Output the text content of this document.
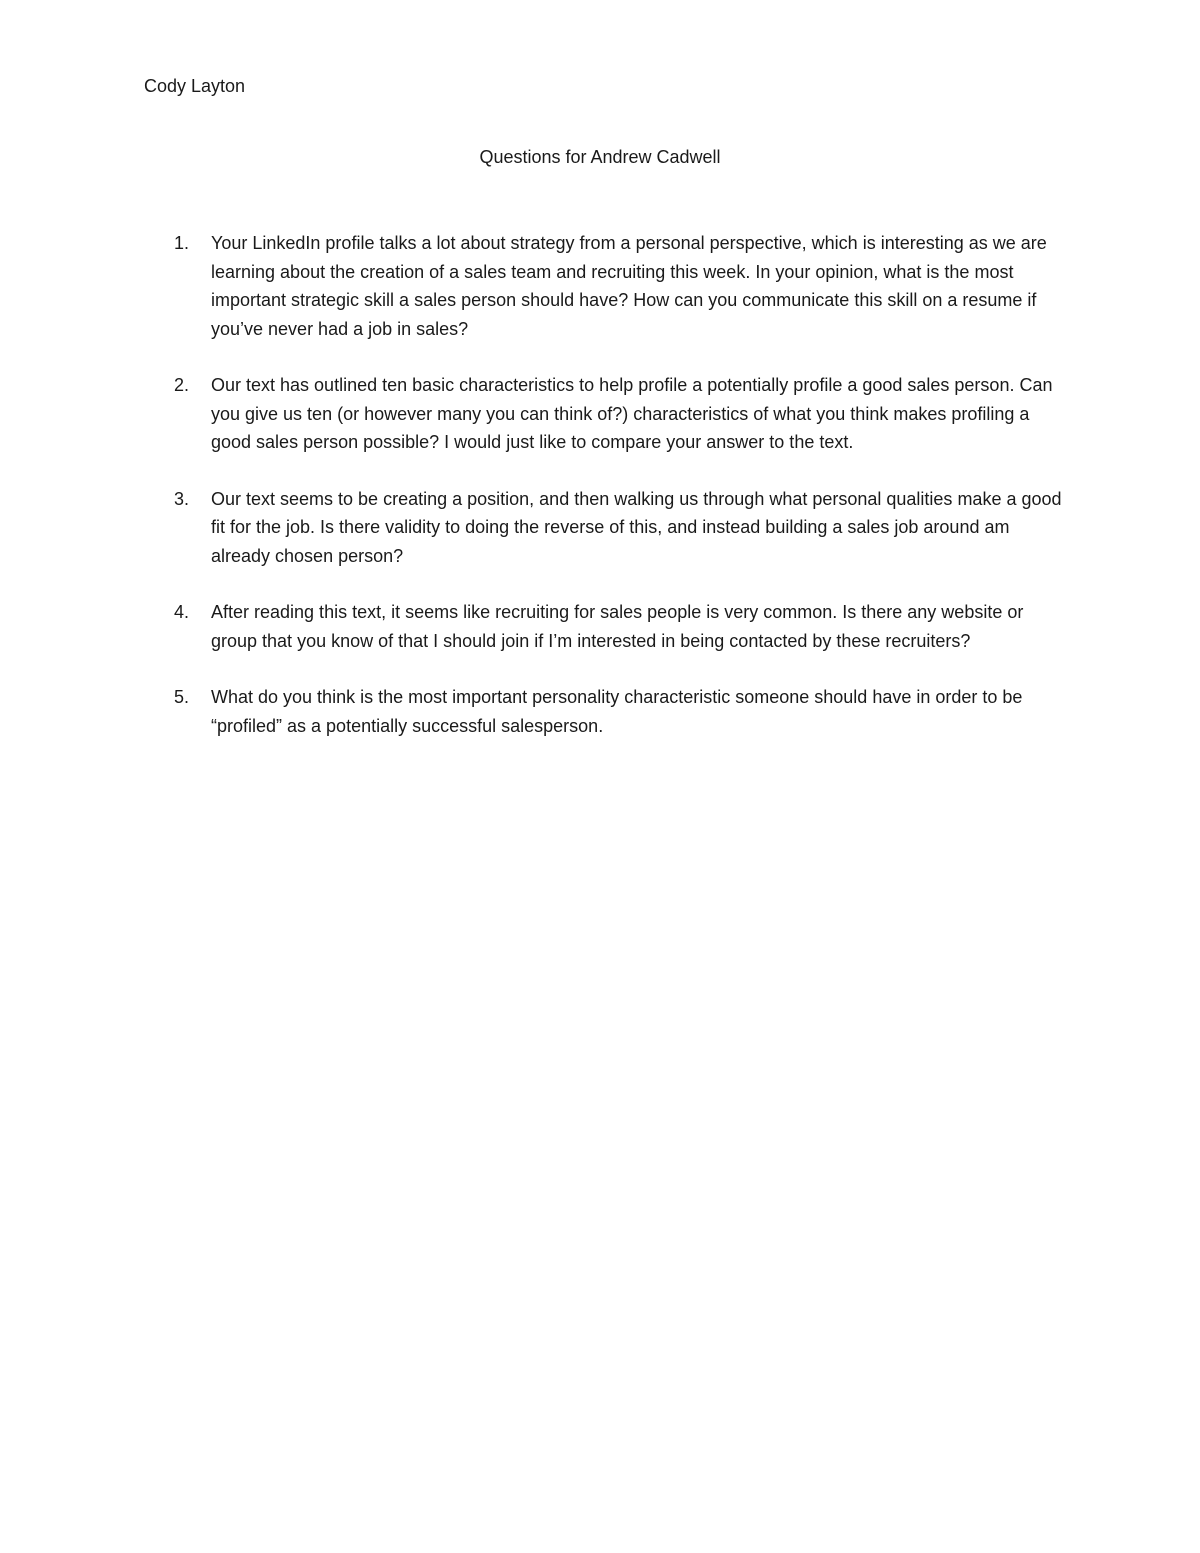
Cody Layton
Questions for Andrew Cadwell
1.	Your LinkedIn profile talks a lot about strategy from a personal perspective, which is interesting as we are learning about the creation of a sales team and recruiting this week. In your opinion, what is the most important strategic skill a sales person should have? How can you communicate this skill on a resume if you’ve never had a job in sales?
2.	Our text has outlined ten basic characteristics to help profile a potentially profile a good sales person. Can you give us ten (or however many you can think of?) characteristics of what you think makes profiling a good sales person possible? I would just like to compare your answer to the text.
3.	Our text seems to be creating a position, and then walking us through what personal qualities make a good fit for the job. Is there validity to doing the reverse of this, and instead building a sales job around am already chosen person?
4.	After reading this text, it seems like recruiting for sales people is very common. Is there any website or group that you know of that I should join if I’m interested in being contacted by these recruiters?
5.	What do you think is the most important personality characteristic someone should have in order to be “profiled” as a potentially successful salesperson.
